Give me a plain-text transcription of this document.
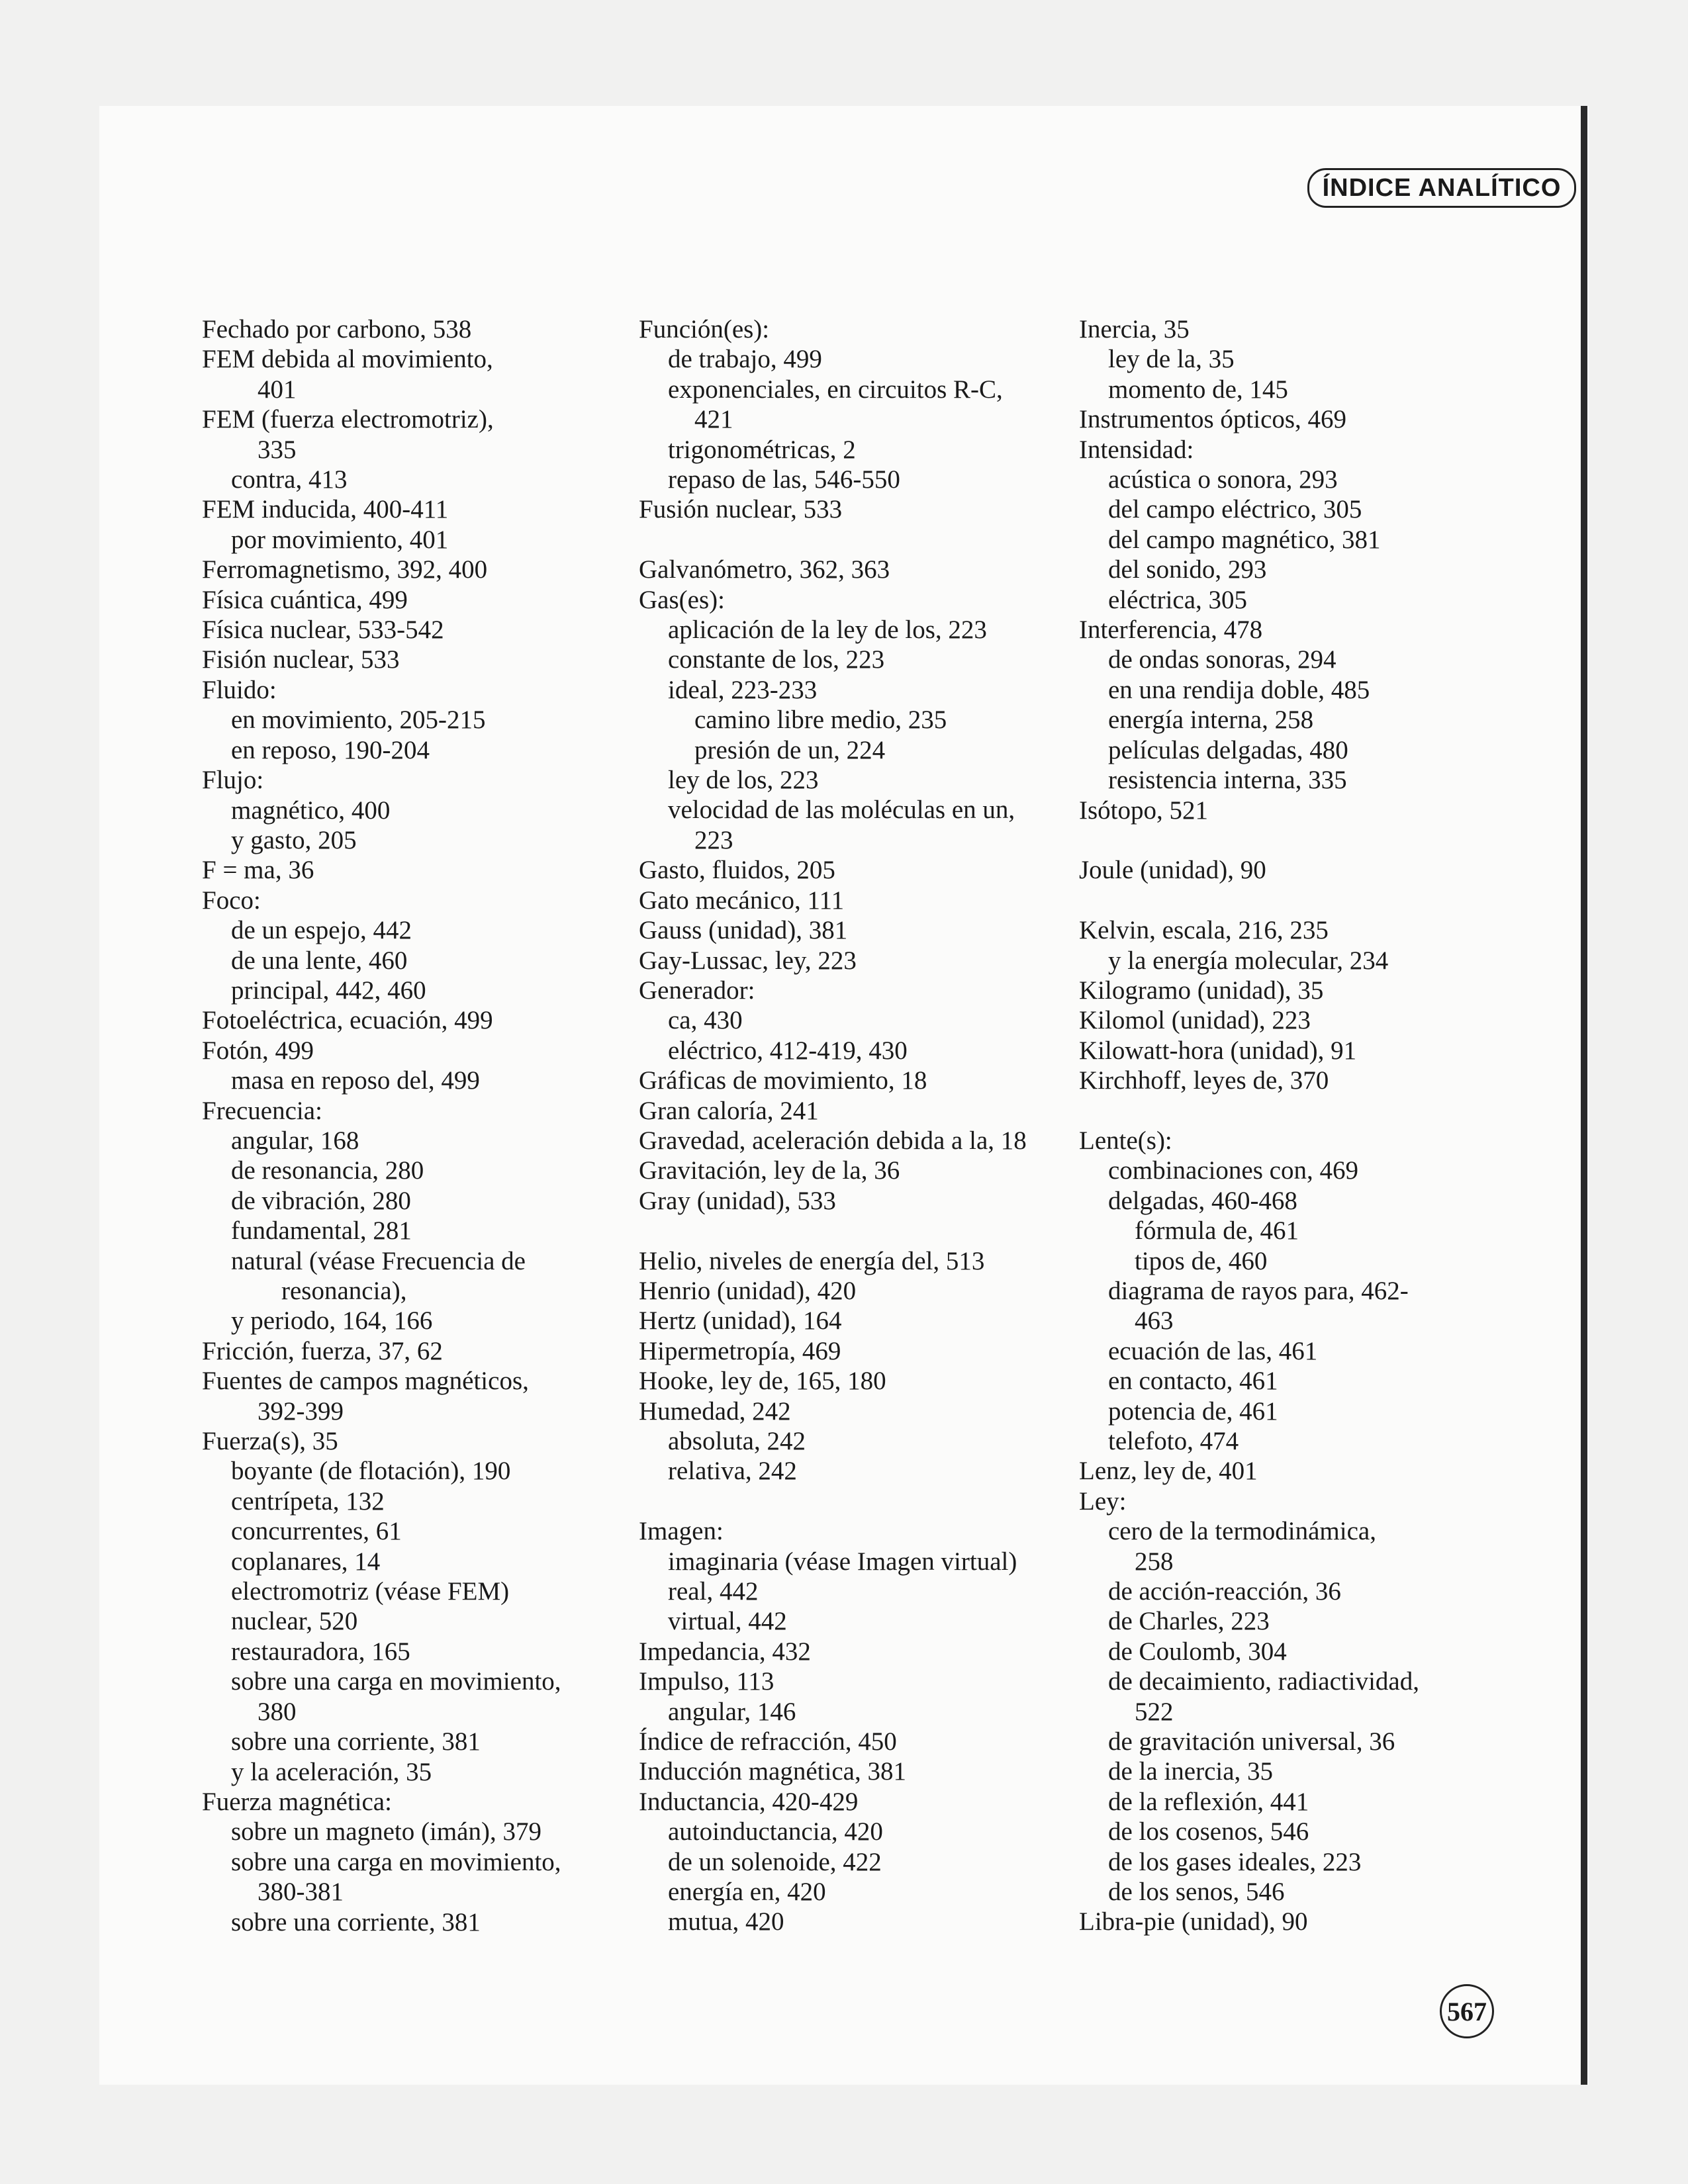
ÍNDICE ANALÍTICO
Fechado por carbono, 538
FEM debida al movimiento,
401
FEM (fuerza electromotriz),
335
contra, 413
FEM inducida, 400-411
por movimiento, 401
Ferromagnetismo, 392, 400
Física cuántica, 499
Física nuclear, 533-542
Fisión nuclear, 533
Fluido:
en movimiento, 205-215
en reposo, 190-204
Flujo:
magnético, 400
y gasto, 205
F = ma, 36
Foco:
de un espejo, 442
de una lente, 460
principal, 442, 460
Fotoeléctrica, ecuación, 499
Fotón, 499
masa en reposo del, 499
Frecuencia:
angular, 168
de resonancia, 280
de vibración, 280
fundamental, 281
natural (véase Frecuencia de
resonancia),
y periodo, 164, 166
Fricción, fuerza, 37, 62
Fuentes de campos magnéticos,
392-399
Fuerza(s), 35
boyante (de flotación), 190
centrípeta, 132
concurrentes, 61
coplanares, 14
electromotriz (véase FEM)
nuclear, 520
restauradora, 165
sobre una carga en movimiento,
380
sobre una corriente, 381
y la aceleración, 35
Fuerza magnética:
sobre un magneto (imán), 379
sobre una carga en movimiento,
380-381
sobre una corriente, 381
Función(es):
de trabajo, 499
exponenciales, en circuitos R-C,
421
trigonométricas, 2
repaso de las, 546-550
Fusión nuclear, 533
Galvanómetro, 362, 363
Gas(es):
aplicación de la ley de los, 223
constante de los, 223
ideal, 223-233
camino libre medio, 235
presión de un, 224
ley de los, 223
velocidad de las moléculas en un,
223
Gasto, fluidos, 205
Gato mecánico, 111
Gauss (unidad), 381
Gay-Lussac, ley, 223
Generador:
ca, 430
eléctrico, 412-419, 430
Gráficas de movimiento, 18
Gran caloría, 241
Gravedad, aceleración debida a la, 18
Gravitación, ley de la, 36
Gray (unidad), 533
Helio, niveles de energía del, 513
Henrio (unidad), 420
Hertz (unidad), 164
Hipermetropía, 469
Hooke, ley de, 165, 180
Humedad, 242
absoluta, 242
relativa, 242
Imagen:
imaginaria (véase Imagen virtual)
real, 442
virtual, 442
Impedancia, 432
Impulso, 113
angular, 146
Índice de refracción, 450
Inducción magnética, 381
Inductancia, 420-429
autoinductancia, 420
de un solenoide, 422
energía en, 420
mutua, 420
Inercia, 35
ley de la, 35
momento de, 145
Instrumentos ópticos, 469
Intensidad:
acústica o sonora, 293
del campo eléctrico, 305
del campo magnético, 381
del sonido, 293
eléctrica, 305
Interferencia, 478
de ondas sonoras, 294
en una rendija doble, 485
energía interna, 258
películas delgadas, 480
resistencia interna, 335
Isótopo, 521
Joule (unidad), 90
Kelvin, escala, 216, 235
y la energía molecular, 234
Kilogramo (unidad), 35
Kilomol (unidad), 223
Kilowatt-hora (unidad), 91
Kirchhoff, leyes de, 370
Lente(s):
combinaciones con, 469
delgadas, 460-468
fórmula de, 461
tipos de, 460
diagrama de rayos para, 462-
463
ecuación de las, 461
en contacto, 461
potencia de, 461
telefoto, 474
Lenz, ley de, 401
Ley:
cero de la termodinámica,
258
de acción-reacción, 36
de Charles, 223
de Coulomb, 304
de decaimiento, radiactividad,
522
de gravitación universal, 36
de la inercia, 35
de la reflexión, 441
de los cosenos, 546
de los gases ideales, 223
de los senos, 546
Libra-pie (unidad), 90
567
